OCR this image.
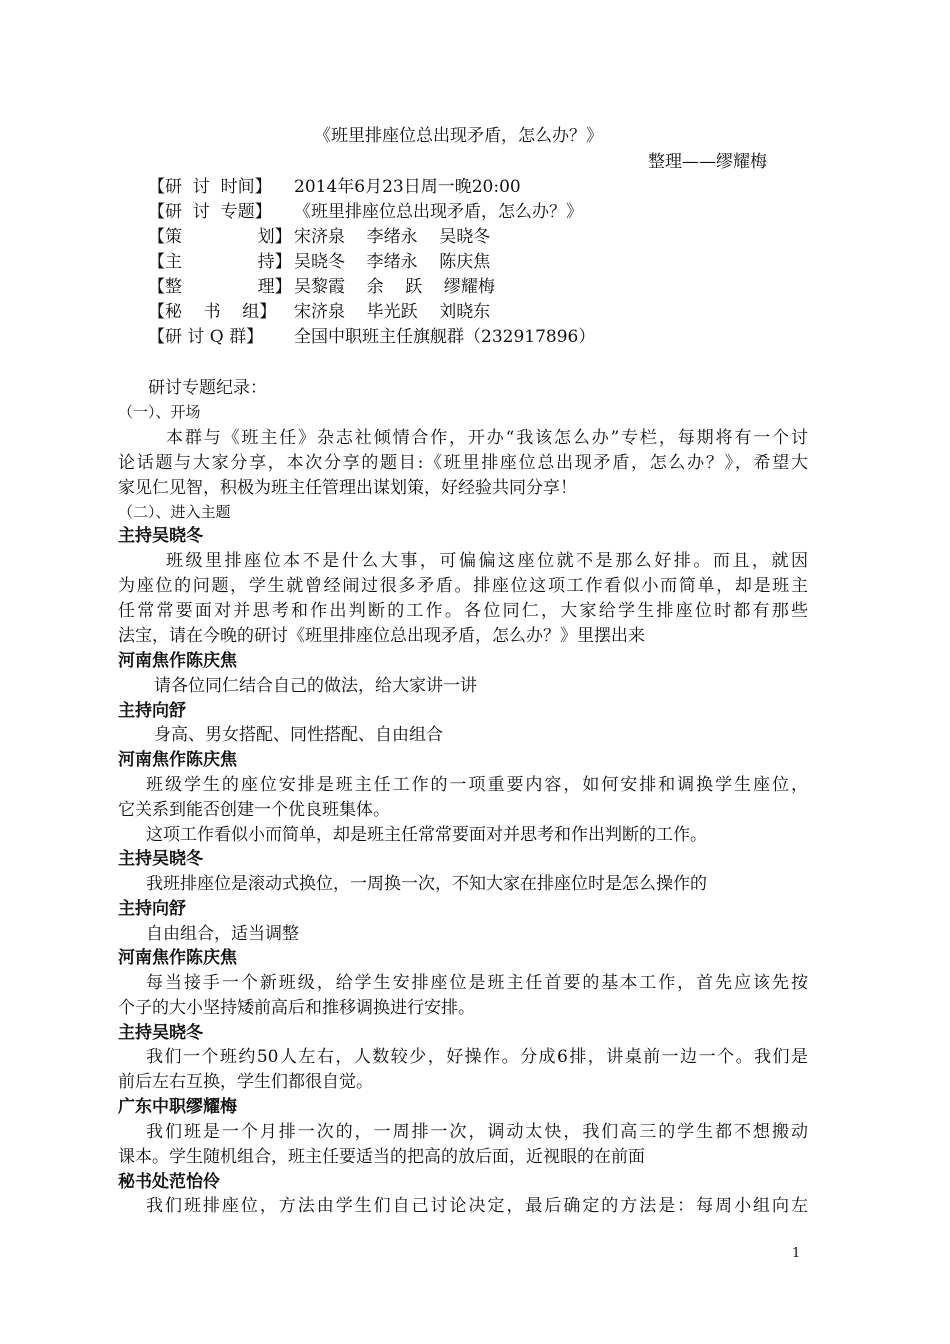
《班里排座位总出现矛盾，怎么办？》
整理——缪耀梅
【研  讨  时间】	2014年6月23日周一晚20:00
【研  讨  专题】	《班里排座位总出现矛盾，怎么办？》
【策              划】 宋济泉    李绪永    吴晓冬
【主              持】 吴晓冬    李绪永    陈庆焦
【整              理】 吴黎霞    余    跃    缪耀梅
【秘    书    组】	宋济泉    毕光跃    刘晓东
【研 讨 Q 群】	全国中职班主任旗舰群（232917896）
研讨专题纪录：
（一）、开场
本群与《班主任》杂志社倾情合作，开办“我该怎么办”专栏，每期将有一个讨
论话题与大家分享，本次分享的题目:《班里排座位总出现矛盾，怎么办？》，希望大
家见仁见智，积极为班主任管理出谋划策，好经验共同分享！
（二）、进入主题
主持吴晓冬
班级里排座位本不是什么大事，可偏偏这座位就不是那么好排。而且，就因
为座位的问题，学生就曾经闹过很多矛盾。排座位这项工作看似小而简单，却是班主
任常常要面对并思考和作出判断的工作。各位同仁，大家给学生排座位时都有那些
法宝，请在今晚的研讨《班里排座位总出现矛盾，怎么办？》里摆出来
河南焦作陈庆焦
请各位同仁结合自己的做法，给大家讲一讲
主持向舒
身高、男女搭配、同性搭配、自由组合
河南焦作陈庆焦
班级学生的座位安排是班主任工作的一项重要内容，如何安排和调换学生座位，
它关系到能否创建一个优良班集体。
这项工作看似小而简单，却是班主任常常要面对并思考和作出判断的工作。
主持吴晓冬
我班排座位是滚动式换位，一周换一次，不知大家在排座位时是怎么操作的
主持向舒
自由组合，适当调整
河南焦作陈庆焦
每当接手一个新班级，给学生安排座位是班主任首要的基本工作，首先应该先按
个子的大小坚持矮前高后和推移调换进行安排。
主持吴晓冬
我们一个班约50人左右，人数较少，好操作。分成6排，讲桌前一边一个。我们是
前后左右互换，学生们都很自觉。
广东中职缪耀梅
我们班是一个月排一次的，一周排一次，调动太快，我们高三的学生都不想搬动
课本。学生随机组合，班主任要适当的把高的放后面，近视眼的在前面
秘书处范怡伶
我们班排座位，方法由学生们自己讨论决定，最后确定的方法是：每周小组向左
1
